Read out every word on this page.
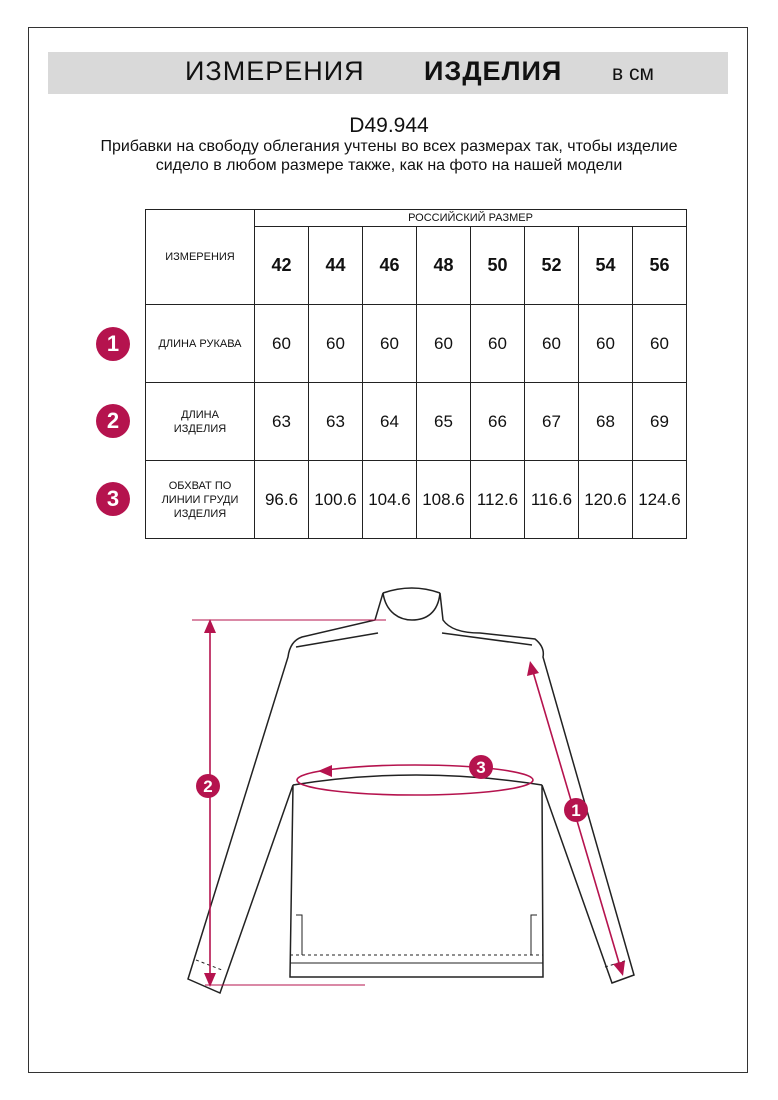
ИЗМЕРЕНИЯ ИЗДЕЛИЯ в см
D49.944
Прибавки на свободу облегания учтены во всех размерах так, чтобы изделие сидело в любом размере также, как на фото на нашей модели
ИЗМЕРЕНИЯ	РОССИЙСКИЙ РАЗМЕР							
	42	44	46	48	50	52	54	56
ДЛИНА РУКАВА	60	60	60	60	60	60	60	60
ДЛИНА
ИЗДЕЛИЯ	63	63	64	65	66	67	68	69
ОБХВАТ ПО
ЛИНИИ ГРУДИ
ИЗДЕЛИЯ	96.6	100.6	104.6	108.6	112.6	116.6	120.6	124.6
1
2
3
1
2
3
